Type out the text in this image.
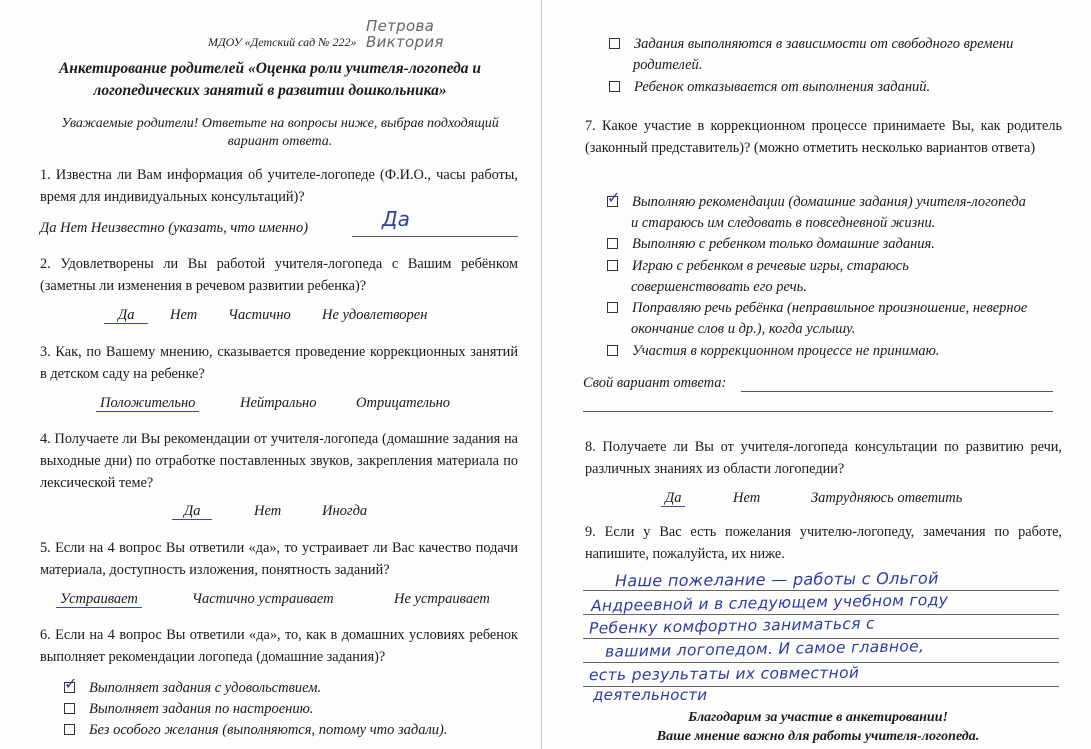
МДОУ «Детский сад № 222»
Петрова Виктория
Анкетирование родителей «Оценка роли учителя-логопеда и
логопедических занятий в развитии дошкольника»
Уважаемые родители! Ответьте на вопросы ниже, выбрав подходящий
вариант ответа.
1. Известна ли Вам информация об учителе-логопеде (Ф.И.О., часы работы, время для индивидуальных консультаций)?
Да Нет Неизвестно (указать, что именно)	Да
2. Удовлетворены ли Вы работой учителя-логопеда с Вашим ребёнком (заметны ли изменения в речевом развитии ребенка)?
Да	Нет Частично Не удовлетворен
3. Как, по Вашему мнению, сказывается проведение коррекционных занятий в детском саду на ребенке?
Положительно	Нейтрально	Отрицательно
4. Получаете ли Вы рекомендации от учителя-логопеда (домашние задания на выходные дни) по отработке поставленных звуков, закрепления материала по лексической теме?
Да	Нет	Иногда
5. Если на 4 вопрос Вы ответили «да», то устраивает ли Вас качество подачи материала, доступность изложения, понятность заданий?
Устраивает	Частично устраивает	Не устраивает
6. Если на 4 вопрос Вы ответили «да», то, как в домашних условиях ребенок выполняет рекомендации логопеда (домашние задания)?
✓ Выполняет задания с удовольствием.
Выполняет задания по настроению.
Без особого желания (выполняются, потому что задали).
Задания выполняются в зависимости от свободного времени
родителей.
Ребенок отказывается от выполнения заданий.
7. Какое участие в коррекционном процессе принимаете Вы, как родитель (законный представитель)? (можно отметить несколько вариантов ответа)
✓ Выполняю рекомендации (домашние задания) учителя-логопеда
и стараюсь им следовать в повседневной жизни.
Выполняю с ребенком только домашние задания.
Играю с ребенком в речевые игры, стараюсь
совершенствовать его речь.
Поправляю речь ребёнка (неправильное произношение, неверное
окончание слов и др.), когда услышу.
Участия в коррекционном процессе не принимаю.
Свой вариант ответа:
8. Получаете ли Вы от учителя-логопеда консультации по развитию речи, различных знаниях из области логопедии?
Да	Нет	Затрудняюсь ответить
9. Если у Вас есть пожелания учителю-логопеду, замечания по работе, напишите, пожалуйста, их ниже.
Наше пожелание — работы с Ольгой
Андреевной и в следующем учебном году
Ребенку комфортно заниматься с
вашими логопедом. И самое главное,
есть результаты их совместной
деятельности
Благодарим за участие в анкетировании!
Ваше мнение важно для работы учителя-логопеда.
